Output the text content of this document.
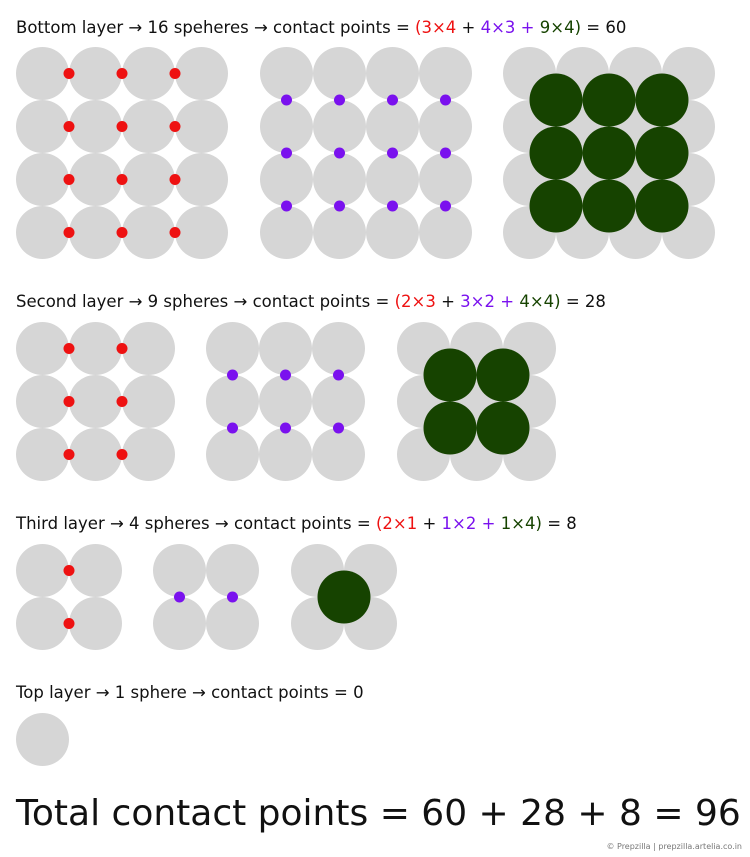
Bottom layer → 16 speheres → contact points = (3×4 + 4×3 + 9×4) = 60

Second layer → 9 spheres → contact points = (2×3 + 3×2 + 4×4) = 28

Third layer → 4 spheres → contact points = (2×1 + 1×2 + 1×4) = 8

Top layer → 1 sphere → contact points = 0

Total contact points = 60 + 28 + 8 = 96

© Prepzilla | prepzilla.artelia.co.in
